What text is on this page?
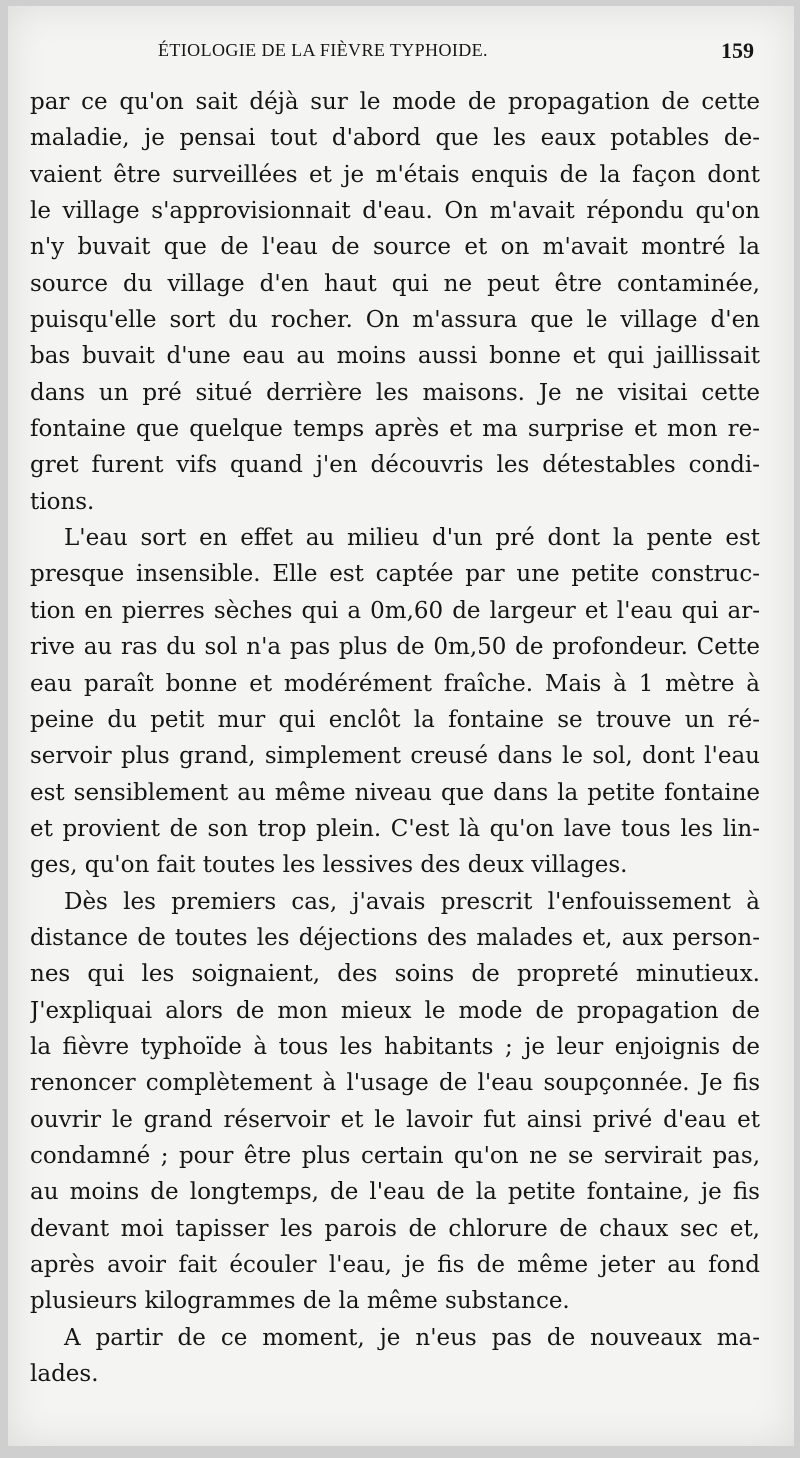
ÉTIOLOGIE DE LA FIÈVRE TYPHOIDE.	159
par ce qu'on sait déjà sur le mode de propagation de cette
maladie, je pensai tout d'abord que les eaux potables de-
vaient être surveillées et je m'étais enquis de la façon dont
le village s'approvisionnait d'eau. On m'avait répondu qu'on
n'y buvait que de l'eau de source et on m'avait montré la
source du village d'en haut qui ne peut être contaminée,
puisqu'elle sort du rocher. On m'assura que le village d'en
bas buvait d'une eau au moins aussi bonne et qui jaillissait
dans un pré situé derrière les maisons. Je ne visitai cette
fontaine que quelque temps après et ma surprise et mon re-
gret furent vifs quand j'en découvris les détestables condi-
tions.
L'eau sort en effet au milieu d'un pré dont la pente est
presque insensible. Elle est captée par une petite construc-
tion en pierres sèches qui a 0m,60 de largeur et l'eau qui ar-
rive au ras du sol n'a pas plus de 0m,50 de profondeur. Cette
eau paraît bonne et modérément fraîche. Mais à 1 mètre à
peine du petit mur qui enclôt la fontaine se trouve un ré-
servoir plus grand, simplement creusé dans le sol, dont l'eau
est sensiblement au même niveau que dans la petite fontaine
et provient de son trop plein. C'est là qu'on lave tous les lin-
ges, qu'on fait toutes les lessives des deux villages.
Dès les premiers cas, j'avais prescrit l'enfouissement à
distance de toutes les déjections des malades et, aux person-
nes qui les soignaient, des soins de propreté minutieux.
J'expliquai alors de mon mieux le mode de propagation de
la fièvre typhoïde à tous les habitants ; je leur enjoignis de
renoncer complètement à l'usage de l'eau soupçonnée. Je fis
ouvrir le grand réservoir et le lavoir fut ainsi privé d'eau et
condamné ; pour être plus certain qu'on ne se servirait pas,
au moins de longtemps, de l'eau de la petite fontaine, je fis
devant moi tapisser les parois de chlorure de chaux sec et,
après avoir fait écouler l'eau, je fis de même jeter au fond
plusieurs kilogrammes de la même substance.
A partir de ce moment, je n'eus pas de nouveaux ma-
lades.
